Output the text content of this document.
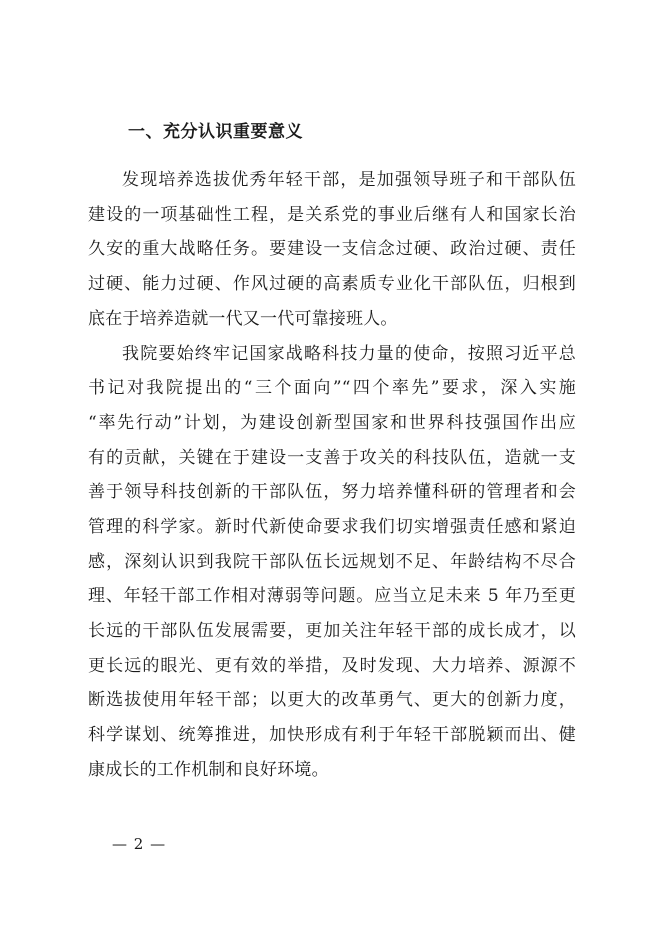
一、充分认识重要意义
发现培养选拔优秀年轻干部，是加强领导班子和干部队伍
建设的一项基础性工程，是关系党的事业后继有人和国家长治
久安的重大战略任务。要建设一支信念过硬、政治过硬、责任
过硬、能力过硬、作风过硬的高素质专业化干部队伍，归根到
底在于培养造就一代又一代可靠接班人。
我院要始终牢记国家战略科技力量的使命，按照习近平总
书记对我院提出的“三个面向”“四个率先”要求，深入实施
“率先行动”计划，为建设创新型国家和世界科技强国作出应
有的贡献，关键在于建设一支善于攻关的科技队伍，造就一支
善于领导科技创新的干部队伍，努力培养懂科研的管理者和会
管理的科学家。新时代新使命要求我们切实增强责任感和紧迫
感，深刻认识到我院干部队伍长远规划不足、年龄结构不尽合
理、年轻干部工作相对薄弱等问题。应当立足未来 5 年乃至更
长远的干部队伍发展需要，更加关注年轻干部的成长成才，以
更长远的眼光、更有效的举措，及时发现、大力培养、源源不
断选拔使用年轻干部；以更大的改革勇气、更大的创新力度，
科学谋划、统筹推进，加快形成有利于年轻干部脱颖而出、健
康成长的工作机制和良好环境。
— 2 —
